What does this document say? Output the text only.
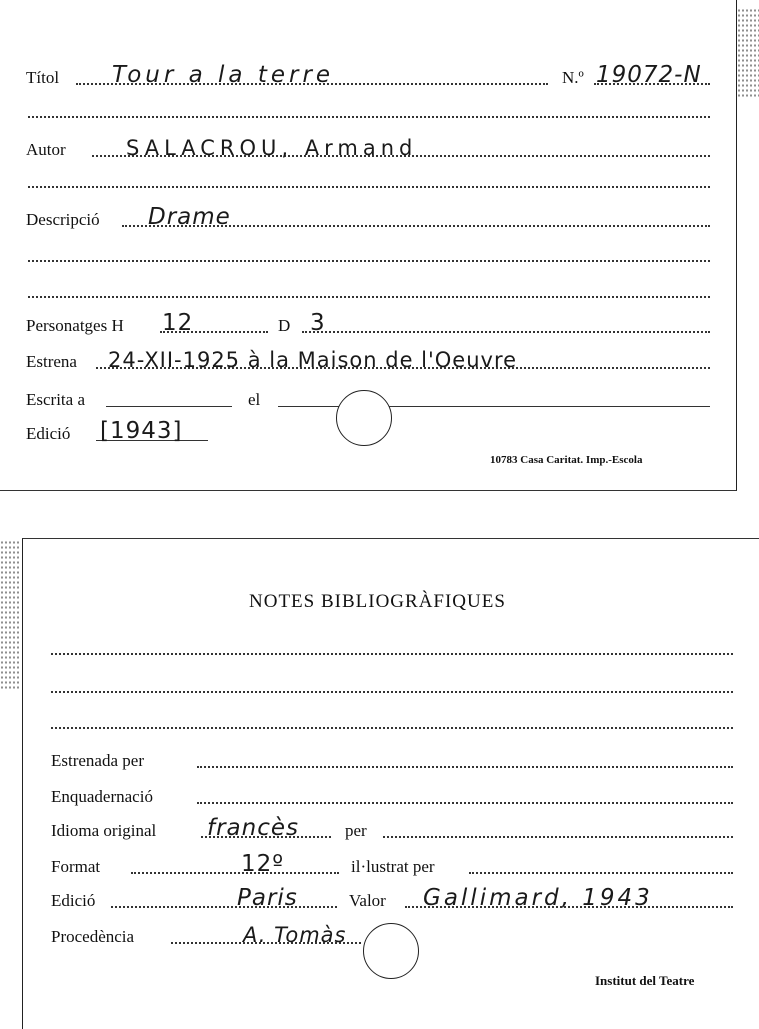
Títol Tour a la terre	N.º 19072-N
Autor	SALACROU, Armand
Descripció Drame
Personatges H 12	D 3
Estrena 24-XII-1925 à la Maison de l'Oeuvre
Escrita a	el
Edició [1943]
10783 Casa Caritat. Imp.-Escola
NOTES BIBLIOGRÀFIQUES
Estrenada per
Enquadernació
Idioma original francès	per
Format	12º	il·lustrat per
Edició	Paris	Valor Gallimard, 1943
Procedència	A. Tomàs
Institut del Teatre
